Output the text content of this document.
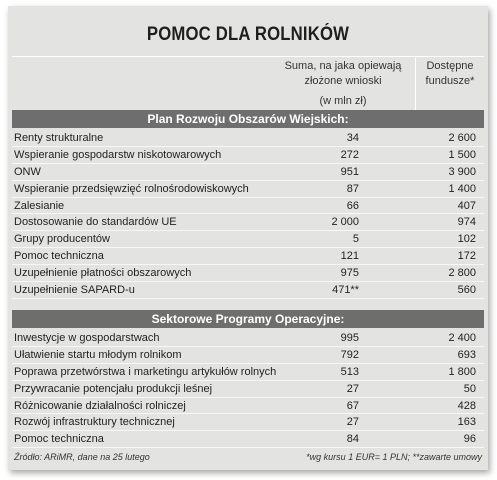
POMOC DLA ROLNIKÓW
Suma, na jaka opiewają złożone wnioski
Dostępne fundusze*
(w mln zł)
Plan Rozwoju Obszarów Wiejskich:
Renty strukturalne	34	2 600
Wspieranie gospodarstw niskotowarowych	272	1 500
ONW	951	3 900
Wspieranie przedsięwzięć rolnośrodowiskowych	87	1 400
Zalesianie	66	407
Dostosowanie do standardów UE	2 000	974
Grupy producentów	5	102
Pomoc techniczna	121	172
Uzupełnienie płatności obszarowych	975	2 800
Uzupełnienie SAPARD-u	471**	560
Sektorowe Programy Operacyjne:
Inwestycje w gospodarstwach	995	2 400
Ułatwienie startu młodym rolnikom	792	693
Poprawa przetwórstwa i marketingu artykułów rolnych	513	1 800
Przywracanie potencjału produkcji leśnej	27	50
Różnicowanie działalności rolniczej	67	428
Rozwój infrastruktury technicznej	27	163
Pomoc techniczna	84	96
Źródło: ARiMR, dane na 25 lutego	*wg kursu 1 EUR= 1 PLN; **zawarte umowy
